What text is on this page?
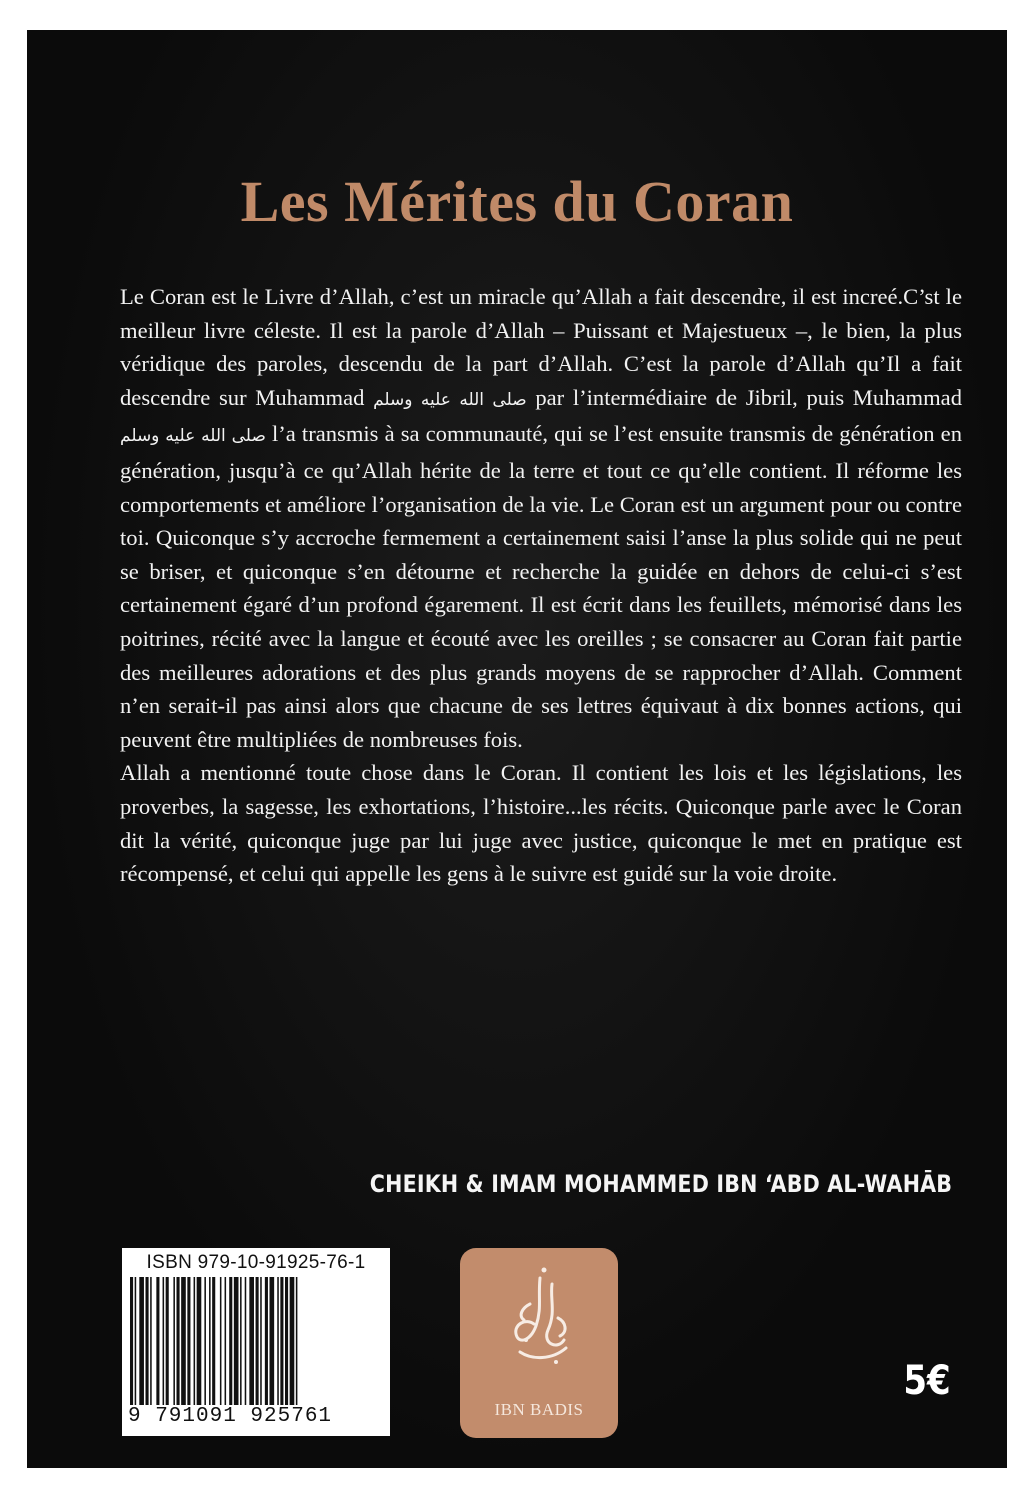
Les Mérites du Coran

Le Coran est le Livre d’Allah, c’est un miracle qu’Allah a fait descendre, il est increé.C’st le meilleur livre céleste. Il est la parole d’Allah – Puissant et Majestueux –, le bien, la plus véridique des paroles, descendu de la part d’Allah. C’est la parole d’Allah qu’Il a fait descendre sur Muhammad صلى الله عليه وسلم par l’intermédiaire de Jibril, puis Muhammad صلى الله عليه وسلم l’a transmis à sa communauté, qui se l’est ensuite transmis de génération en génération, jusqu’à ce qu’Allah hérite de la terre et tout ce qu’elle contient. Il réforme les comportements et améliore l’organisation de la vie. Le Coran est un argument pour ou contre toi. Quiconque s’y accroche fermement a certainement saisi l’anse la plus solide qui ne peut se briser, et quiconque s’en détourne et recherche la guidée en dehors de celui-ci s’est certainement égaré d’un profond égarement. Il est écrit dans les feuillets, mémorisé dans les poitrines, récité avec la langue et écouté avec les oreilles ; se consacrer au Coran fait partie des meilleures adorations et des plus grands moyens de se rapprocher d’Allah. Comment n’en serait-il pas ainsi alors que chacune de ses lettres équivaut à dix bonnes actions, qui peuvent être multipliées de nombreuses fois.

Allah a mentionné toute chose dans le Coran. Il contient les lois et les législations, les proverbes, la sagesse, les exhortations, l’histoire...les récits. Quiconque parle avec le Coran dit la vérité, quiconque juge par lui juge avec justice, quiconque le met en pratique est récompensé, et celui qui appelle les gens à le suivre est guidé sur la voie droite.

CHEIKH & IMAM MOHAMMED IBN ‘ABD AL-WAHĀB
ISBN 979-10-91925-76-1
9 791091 925761	IBN BADIS
5€
